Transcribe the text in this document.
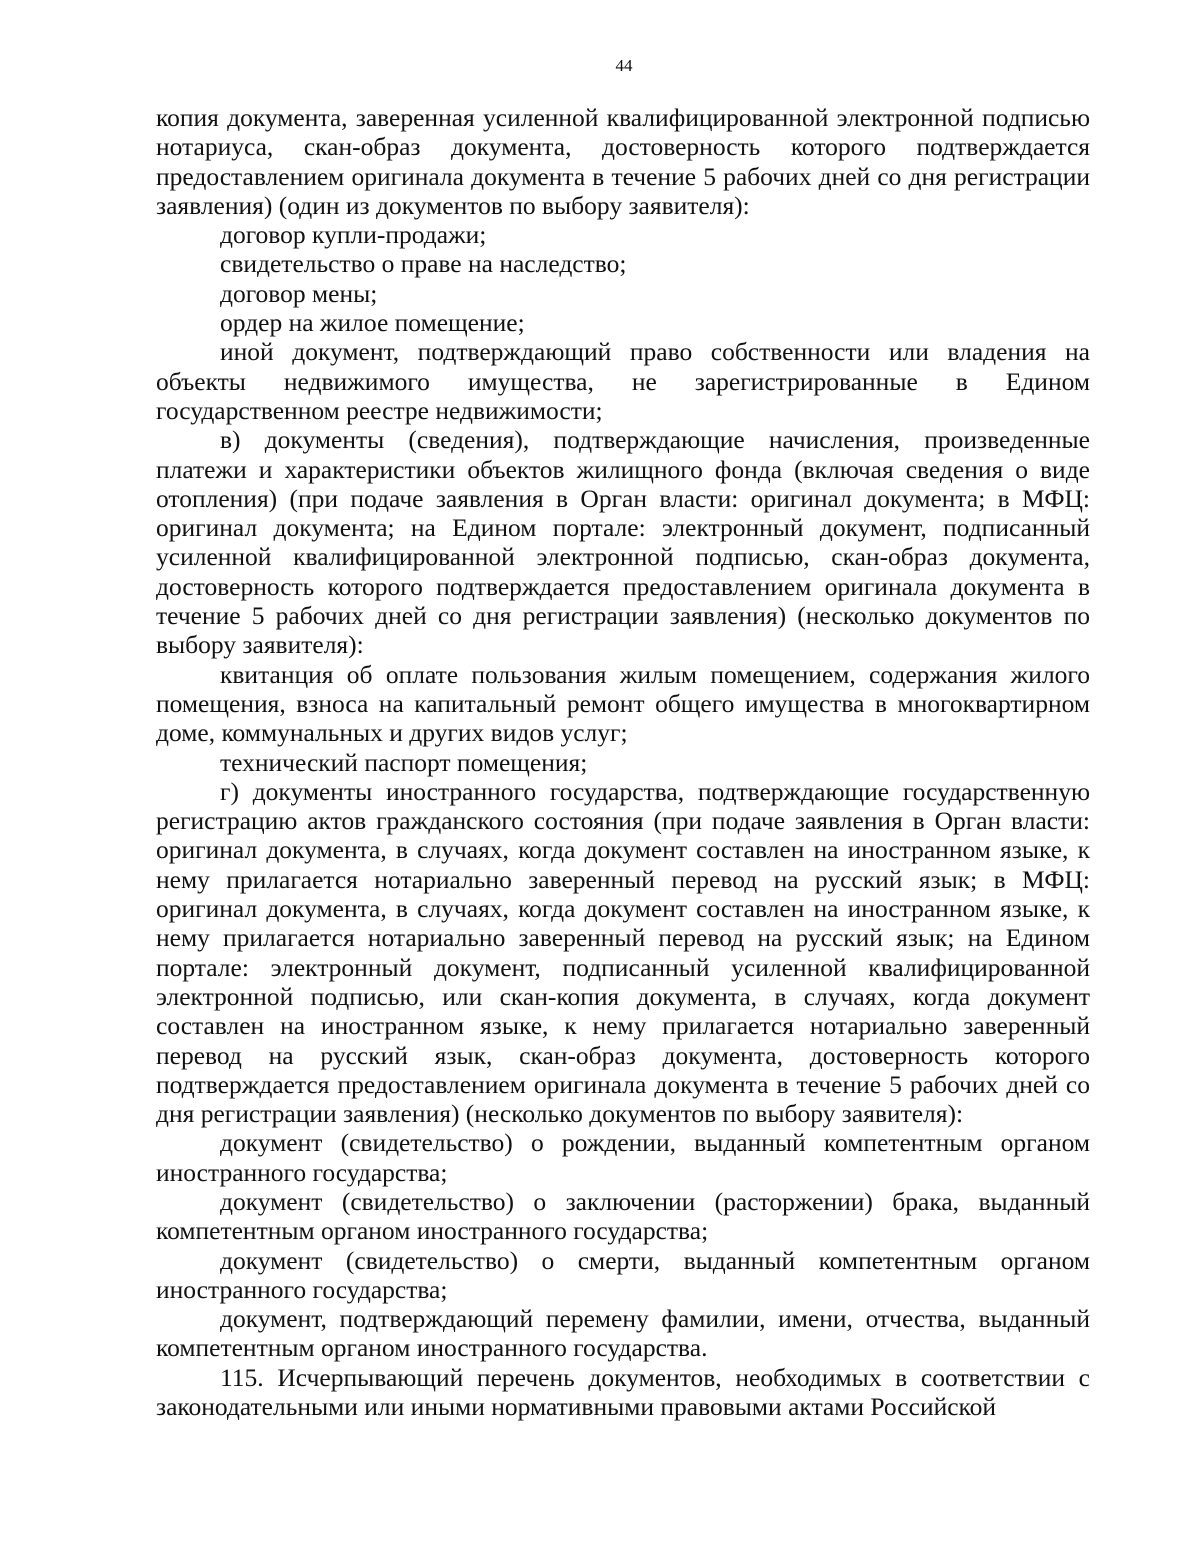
44

копия документа, заверенная усиленной квалифицированной электронной подписью нотариуса, скан-образ документа, достоверность которого подтверждается предоставлением оригинала документа в течение 5 рабочих дней со дня регистрации заявления) (один из документов по выбору заявителя):

договор купли-продажи;

свидетельство о праве на наследство;

договор мены;

ордер на жилое помещение;

иной документ, подтверждающий право собственности или владения на объекты недвижимого имущества, не зарегистрированные в Едином государственном реестре недвижимости;

в) документы (сведения), подтверждающие начисления, произведенные платежи и характеристики объектов жилищного фонда (включая сведения о виде отопления) (при подаче заявления в Орган власти: оригинал документа; в МФЦ: оригинал документа; на Едином портале: электронный документ, подписанный усиленной квалифицированной электронной подписью, скан-образ документа, достоверность которого подтверждается предоставлением оригинала документа в течение 5 рабочих дней со дня регистрации заявления) (несколько документов по выбору заявителя):

квитанция об оплате пользования жилым помещением, содержания жилого помещения, взноса на капитальный ремонт общего имущества в многоквартирном доме, коммунальных и других видов услуг;

технический паспорт помещения;

г) документы иностранного государства, подтверждающие государственную регистрацию актов гражданского состояния (при подаче заявления в Орган власти: оригинал документа, в случаях, когда документ составлен на иностранном языке, к нему прилагается нотариально заверенный перевод на русский язык; в МФЦ: оригинал документа, в случаях, когда документ составлен на иностранном языке, к нему прилагается нотариально заверенный перевод на русский язык; на Едином портале: электронный документ, подписанный усиленной квалифицированной электронной подписью, или скан-копия документа, в случаях, когда документ составлен на иностранном языке, к нему прилагается нотариально заверенный перевод на русский язык, скан-образ документа, достоверность которого подтверждается предоставлением оригинала документа в течение 5 рабочих дней со дня регистрации заявления) (несколько документов по выбору заявителя):

документ (свидетельство) о рождении, выданный компетентным органом иностранного государства;

документ (свидетельство) о заключении (расторжении) брака, выданный компетентным органом иностранного государства;

документ (свидетельство) о смерти, выданный компетентным органом иностранного государства;

документ, подтверждающий перемену фамилии, имени, отчества, выданный компетентным органом иностранного государства.

115. Исчерпывающий перечень документов, необходимых в соответствии с законодательными или иными нормативными правовыми актами Российской
